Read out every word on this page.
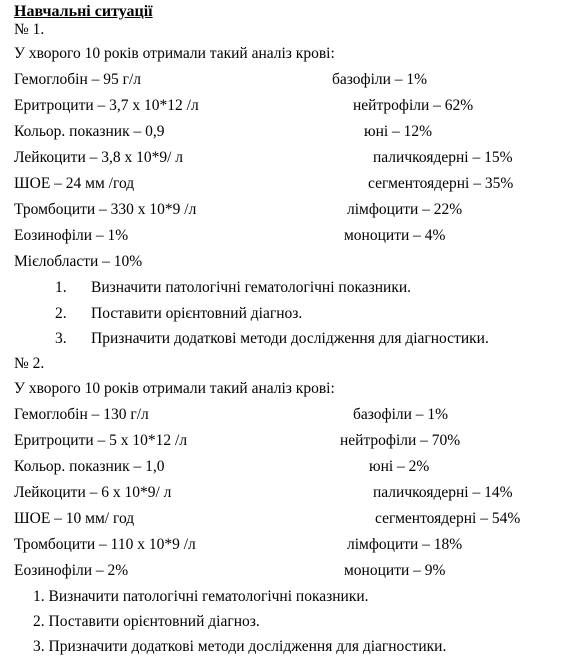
Навчальні ситуації
№ 1.
У хворого 10 років отримали такий аналіз крові:
Гемоглобін – 95 г/л
Еритроцити – 3,7 х 10*12 /л
Кольор. показник – 0,9
Лейкоцити – 3,8 х 10*9/ л
ШОЕ – 24 мм /год
Тромбоцити – 330 х 10*9 /л
Еозинофіли – 1%
Мієлобласти – 10%
базофіли – 1%
нейтрофіли – 62%
юні – 12%
паличкоядерні – 15%
сегментоядерні – 35%
лімфоцити – 22%
моноцити – 4%
1. Визначити патологічні гематологічні показники.
2. Поставити орієнтовний діагноз.
3. Призначити додаткові методи дослідження для діагностики.
№ 2.
У хворого 10 років отримали такий аналіз крові:
Гемоглобін – 130 г/л
Еритроцити – 5 х 10*12 /л
Кольор. показник – 1,0
Лейкоцити – 6 х 10*9/ л
ШОЕ – 10 мм/ год
Тромбоцити – 110 х 10*9 /л
Еозинофіли – 2%
базофіли – 1%
нейтрофіли – 70%
юні – 2%
паличкоядерні – 14%
сегментоядерні – 54%
лімфоцити – 18%
моноцити – 9%
1. Визначити патологічні гематологічні показники.
2. Поставити орієнтовний діагноз.
3. Призначити додаткові методи дослідження для діагностики.
